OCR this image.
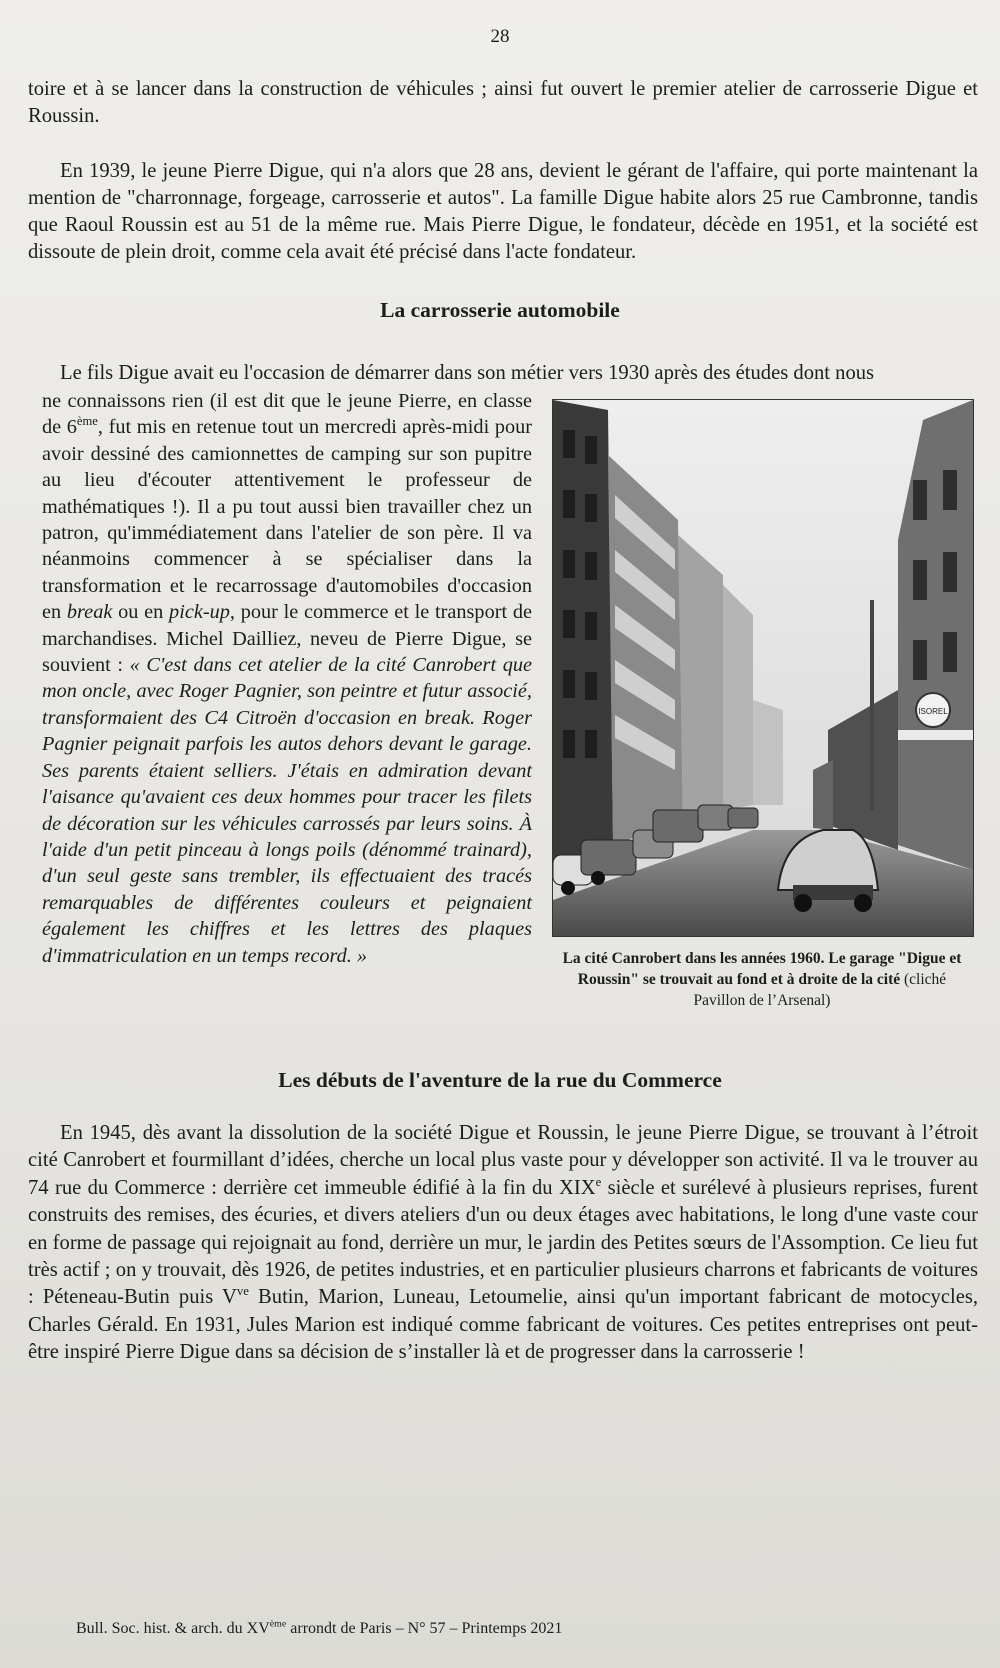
28

toire et à se lancer dans la construction de véhicules ; ainsi fut ouvert le premier atelier de carrosserie Digue et Roussin.

En 1939, le jeune Pierre Digue, qui n'a alors que 28 ans, devient le gérant de l'affaire, qui porte maintenant la mention de "charronnage, forgeage, carrosserie et autos". La famille Digue habite alors 25 rue Cambronne, tandis que Raoul Roussin est au 51 de la même rue. Mais Pierre Digue, le fondateur, décède en 1951, et la société est dissoute de plein droit, comme cela avait été précisé dans l'acte fondateur.

La carrosserie automobile

Le fils Digue avait eu l'occasion de démarrer dans son métier vers 1930 après des études dont nous

ne connaissons rien (il est dit que le jeune Pierre, en classe de 6ème, fut mis en retenue tout un mercredi après-midi pour avoir dessiné des camionnettes de camping sur son pupitre au lieu d'écouter attentivement le professeur de mathématiques !). Il a pu tout aussi bien travailler chez un patron, qu'immédiatement dans l'atelier de son père. Il va néanmoins commencer à se spécialiser dans la transformation et le recarrossage d'automobiles d'occasion en break ou en pick-up, pour le commerce et le transport de marchandises. Michel Dailliez, neveu de Pierre Digue, se souvient : « C'est dans cet atelier de la cité Canrobert que mon oncle, avec Roger Pagnier, son peintre et futur associé, transformaient des C4 Citroën d'occasion en break. Roger Pagnier peignait parfois les autos dehors devant le garage. Ses parents étaient selliers. J'étais en admiration devant l'aisance qu'avaient ces deux hommes pour tracer les filets de décoration sur les véhicules carrossés par leurs soins. À l'aide d'un petit pinceau à longs poils (dénommé trainard), d'un seul geste sans trembler, ils effectuaient des tracés remarquables de différentes couleurs et peignaient également les chiffres et les lettres des plaques d'immatriculation en un temps record. »

ISOREL
La cité Canrobert dans les années 1960. Le garage "Digue et Roussin" se trouvait au fond et à droite de la cité (cliché Pavillon de l’Arsenal)
Les débuts de l'aventure de la rue du Commerce

En 1945, dès avant la dissolution de la société Digue et Roussin, le jeune Pierre Digue, se trouvant à l’étroit cité Canrobert et fourmillant d’idées, cherche un local plus vaste pour y développer son activité. Il va le trouver au 74 rue du Commerce : derrière cet immeuble édifié à la fin du XIXe siècle et surélevé à plusieurs reprises, furent construits des remises, des écuries, et divers ateliers d'un ou deux étages avec habitations, le long d'une vaste cour en forme de passage qui rejoignait au fond, derrière un mur, le jardin des Petites sœurs de l'Assomption. Ce lieu fut très actif ; on y trouvait, dès 1926, de petites industries, et en particulier plusieurs charrons et fabricants de voitures : Péteneau-Butin puis $V^{ve}$ Butin, Marion, Luneau, Letoumelie, ainsi qu'un important fabricant de motocycles, Charles Gérald. En 1931, Jules Marion est indiqué comme fabricant de voitures. Ces petites entreprises ont peut-être inspiré Pierre Digue dans sa décision de s’installer là et de progresser dans la carrosserie !

Bull. Soc. hist. & arch. du XVème arrondt de Paris – N° 57 – Printemps 2021
